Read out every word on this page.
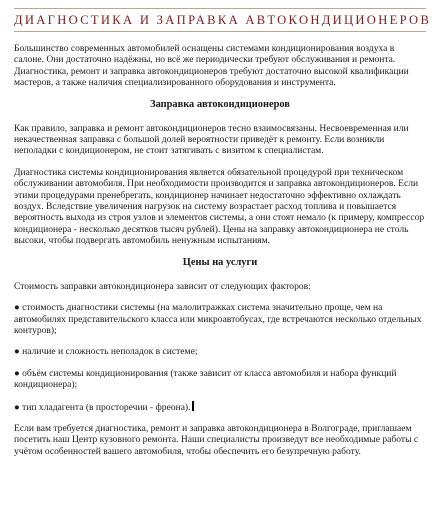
ДИАГНОСТИКА И ЗАПРАВКА АВТОКОНДИЦИОНЕРОВ

Большинство современных автомобилей оснащены системами кондиционирования воздуха в салоне. Они достаточно надёжны, но всё же периодически требуют обслуживания и ремонта. Диагностика, ремонт и заправка автокондиционеров требуют достаточно высокой квалификации мастеров, а также наличия специализированного оборудования и инструмента.

Заправка автокондиционеров

Как правило, заправка и ремонт автокондиционеров тесно взаимосвязаны. Несвоевременная или некачественная заправка с большой долей вероятности приведёт к ремонту. Если возникли неполадки с кондиционером, не стоит затягивать с визитом к специалистам.

Диагностика системы кондиционирования является обязательной процедурой при техническом обслуживании автомобиля. При необходимости производится и заправка автокондиционеров. Если этими процедурами пренебрегать, кондиционер начинает недостаточно эффективно охлаждать воздух. Вследствие увеличения нагрузок на систему возрастает расход топлива и повышается вероятность выхода из строя узлов и элементов системы, а они стоят немало (к примеру, компрессор кондиционера - несколько десятков тысяч рублей). Цены на заправку автокондиционера не столь высоки, чтобы подвергать автомобиль ненужным испытаниям.

Цены на услуги

Стоимость заправки автокондиционера зависит от следующих факторов:

● стоимость диагностики системы (на малолитражках система значительно проще, чем на автомобилях представительского класса или микроавтобусах, где встречаются несколько отдельных контуров);

● наличие и сложность неполадок в системе;

● объём системы кондиционирования (также зависит от класса автомобиля и набора функций кондиционера);

● тип хладагента (в просторечии - фреона).

Если вам требуется диагностика, ремонт и заправка автокондиционера в Волгограде, приглашаем посетить наш Центр кузовного ремонта. Наши специалисты произведут все необходимые работы с учётом особенностей вашего автомобиля, чтобы обеспечить его безупречную работу.
